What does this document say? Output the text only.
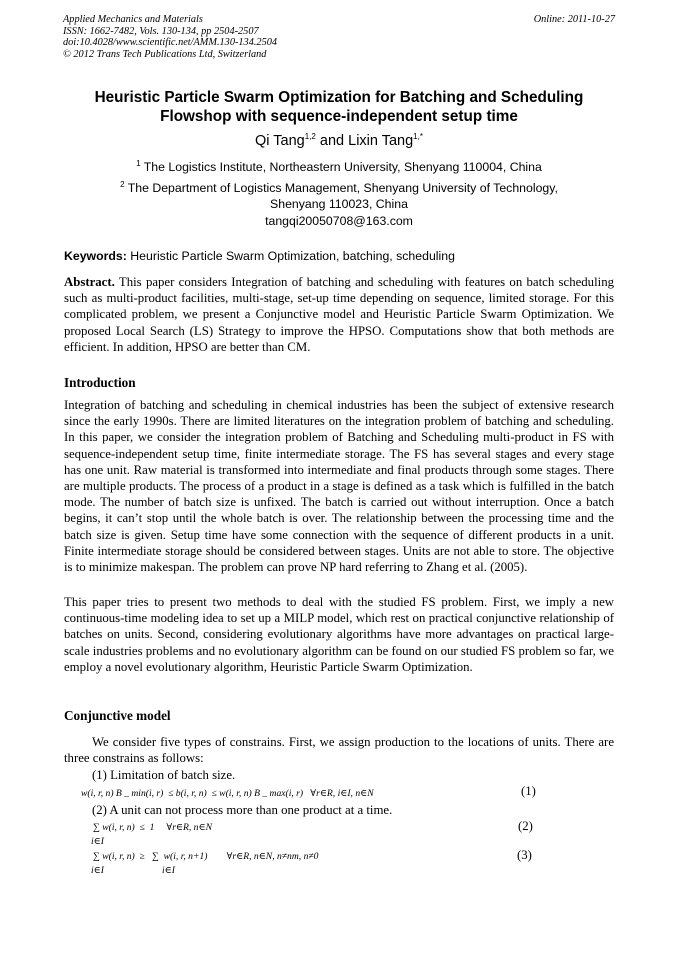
Applied Mechanics and Materials
ISSN: 1662-7482, Vols. 130-134, pp 2504-2507
doi:10.4028/www.scientific.net/AMM.130-134.2504
© 2012 Trans Tech Publications Ltd, Switzerland
Online: 2011-10-27
Heuristic Particle Swarm Optimization for Batching and Scheduling
Flowshop with sequence-independent setup time
Qi Tang$^{1,2}$ and Lixin Tang$^{1,*}$
$^1$ The Logistics Institute, Northeastern University, Shenyang 110004, China
$^2$ The Department of Logistics Management, Shenyang University of Technology,
Shenyang 110023, China
tangqi20050708@163.com
Keywords: Heuristic Particle Swarm Optimization, batching, scheduling
Abstract. This paper considers Integration of batching and scheduling with features on batch scheduling such as multi-product facilities, multi-stage, set-up time depending on sequence, limited storage. For this complicated problem, we present a Conjunctive model and Heuristic Particle Swarm Optimization. We proposed Local Search (LS) Strategy to improve the HPSO. Computations show that both methods are efficient. In addition, HPSO are better than CM.
Introduction
Integration of batching and scheduling in chemical industries has been the subject of extensive research since the early 1990s. There are limited literatures on the integration problem of batching and scheduling. In this paper, we consider the integration problem of Batching and Scheduling multi-product in FS with sequence-independent setup time, finite intermediate storage. The FS has several stages and every stage has one unit. Raw material is transformed into intermediate and final products through some stages. There are multiple products. The process of a product in a stage is defined as a task which is fulfilled in the batch mode. The number of batch size is unfixed. The batch is carried out without interruption. Once a batch begins, it can’t stop until the whole batch is over. The relationship between the processing time and the batch size is given. Setup time have some connection with the sequence of different products in a unit. Finite intermediate storage should be considered between stages. Units are not able to store. The objective is to minimize makespan. The problem can prove NP hard referring to Zhang et al. (2005).
This paper tries to present two methods to deal with the studied FS problem. First, we imply a new continuous-time modeling idea to set up a MILP model, which rest on practical conjunctive relationship of batches on units. Second, considering evolutionary algorithms have more advantages on practical large-scale industries problems and no evolutionary algorithm can be found on our studied FS problem so far, we employ a novel evolutionary algorithm, Heuristic Particle Swarm Optimization.
Conjunctive model
We consider five types of constrains. First, we assign production to the locations of units. There are three constrains as follows:
(1) Limitation of batch size.
w(i, r, n) B _ min(i, r)  ≤ b(i, r, n)  ≤ w(i, r, n) B _ max(i, r)   ∀r∈R, i∈I, n∈N	(1)
(2) A unit can not process more than one product at a time.
∑ w(i, r, n)  ≤  1     ∀r∈R, n∈N
i∈I
(2)
∑ w(i, r, n)  ≥   ∑  w(i, r, n+1)        ∀r∈R, n∈N, n≠nm, n≠0
i∈I	i∈I
(3)
